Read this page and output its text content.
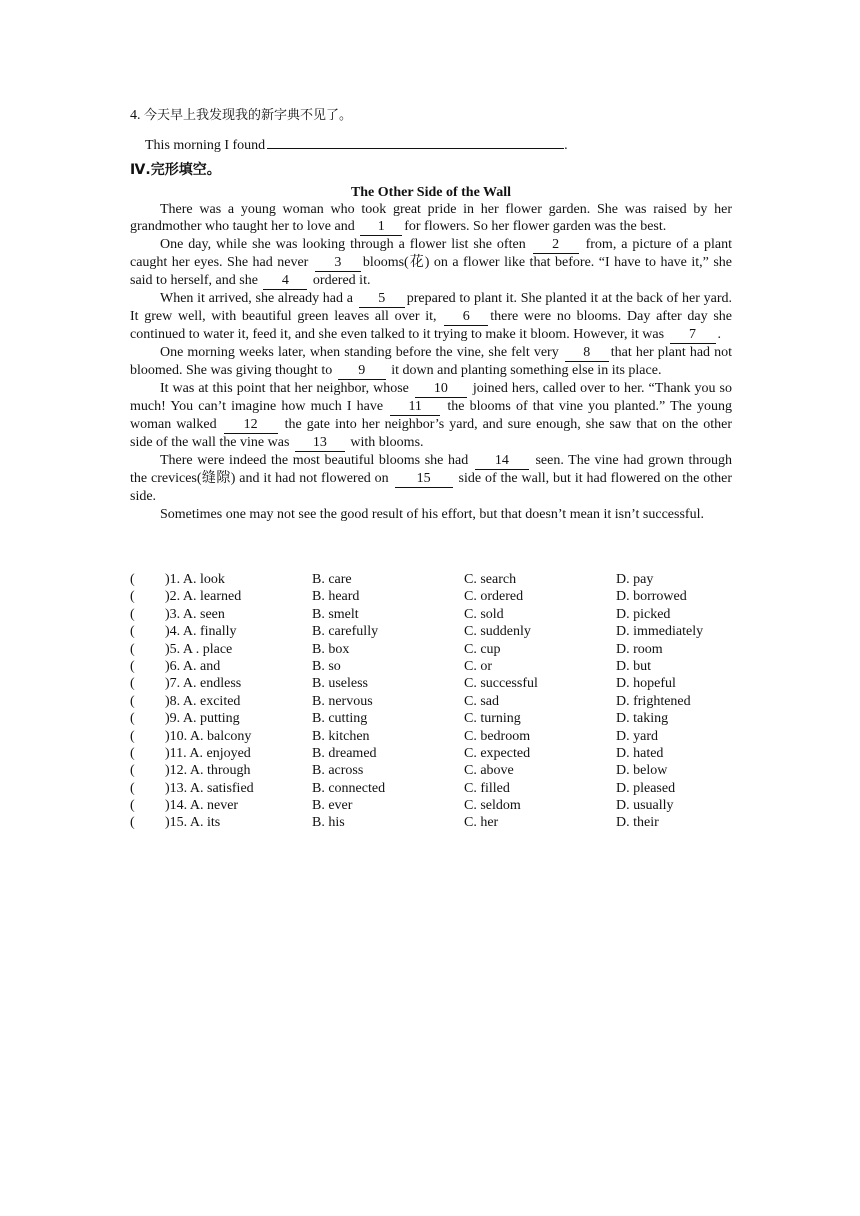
4. 今天早上我发现我的新字典不见了。
This morning I found	.
Ⅳ.完形填空。
The Other Side of the Wall

There was a young woman who took great pride in her flower garden. She was raised by her grandmother who taught her to love and 1 for flowers. So her flower garden was the best.

One day, while she was looking through a flower list she often 2 from, a picture of a plant caught her eyes. She had never 3 blooms(花) on a flower like that before. “I have to have it,” she said to herself, and she 4 ordered it.

When it arrived, she already had a 5 prepared to plant it. She planted it at the back of her yard. It grew well, with beautiful green leaves all over it, 6 there were no blooms. Day after day she continued to water it, feed it, and she even talked to it trying to make it bloom. However, it was 7 .

One morning weeks later, when standing before the vine, she felt very 8 that her plant had not bloomed. She was giving thought to 9 it down and planting something else in its place.

It was at this point that her neighbor, whose 10 joined hers, called over to her. “Thank you so much! You can’t imagine how much I have 11 the blooms of that vine you planted.” The young woman walked 12 the gate into her neighbor’s yard, and sure enough, she saw that on the other side of the wall the vine was 13 with blooms.

There were indeed the most beautiful blooms she had 14 seen. The vine had grown through the crevices(缝隙) and it had not flowered on 15 side of the wall, but it had flowered on the other side.

Sometimes one may not see the good result of his effort, but that doesn’t mean it isn’t successful.

( )1. A. look	B. care	C. search	D. pay
( )2. A. learned	B. heard	C. ordered	D. borrowed
( )3. A. seen	B. smelt	C. sold	D. picked
( )4. A. finally	B. carefully	C. suddenly	D. immediately
( )5. A . place	B. box	C. cup	D. room
( )6. A. and	B. so	C. or	D. but
( )7. A. endless	B. useless	C. successful	D. hopeful
( )8. A. excited	B. nervous	C. sad	D. frightened
( )9. A. putting	B. cutting	C. turning	D. taking
( )10. A. balcony	B. kitchen	C. bedroom	D. yard
( )11. A. enjoyed	B. dreamed	C. expected	D. hated
( )12. A. through	B. across	C. above	D. below
( )13. A. satisfied	B. connected	C. filled	D. pleased
( )14. A. never	B. ever	C. seldom	D. usually
( )15. A. its	B. his	C. her	D. their
